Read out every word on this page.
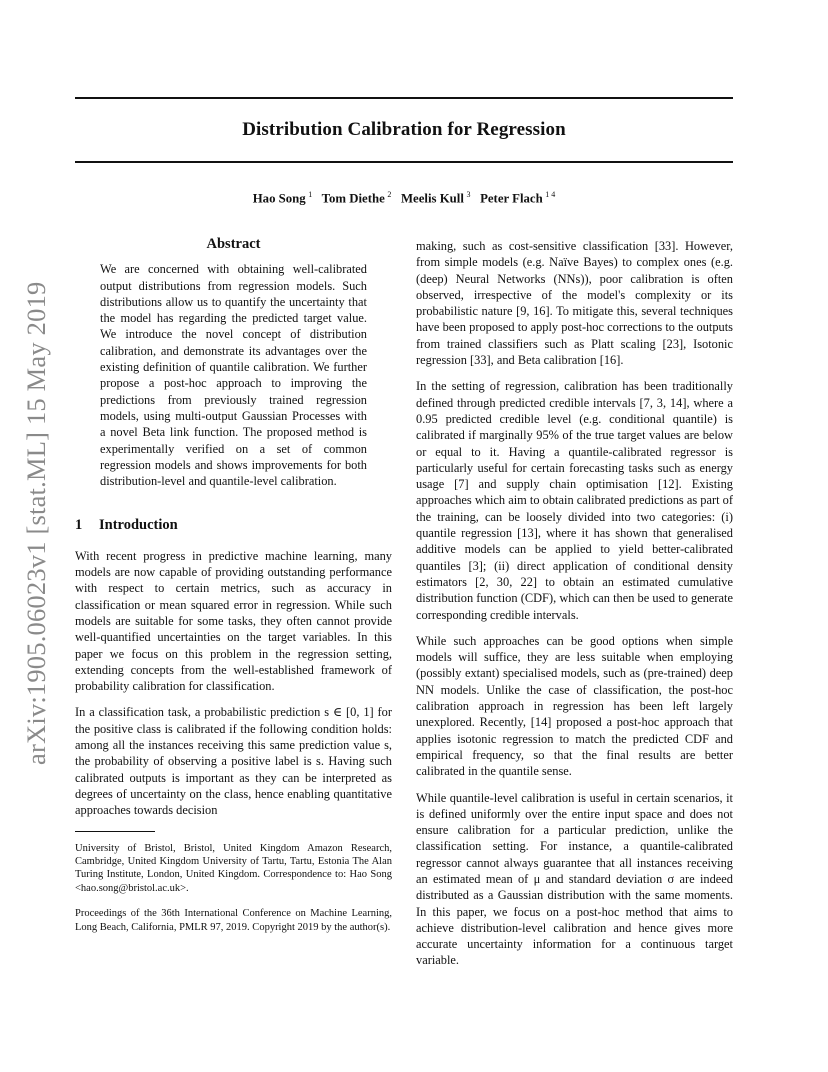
arXiv:1905.06023v1 [stat.ML] 15 May 2019
Distribution Calibration for Regression
Hao Song  $^1$ Tom Diethe  $^2$ Meelis Kull  $^3$ Peter Flach  $^{1 4}$
Abstract

We are concerned with obtaining well-calibrated output distributions from regression models. Such distributions allow us to quantify the uncertainty that the model has regarding the predicted target value. We introduce the novel concept of distribution calibration, and demonstrate its advantages over the existing definition of quantile calibration. We further propose a post-hoc approach to improving the predictions from previously trained regression models, using multi-output Gaussian Processes with a novel Beta link function. The proposed method is experimentally verified on a set of common regression models and shows improvements for both distribution-level and quantile-level calibration.

1 Introduction

With recent progress in predictive machine learning, many models are now capable of providing outstanding performance with respect to certain metrics, such as accuracy in classification or mean squared error in regression. While such models are suitable for some tasks, they often cannot provide well-quantified uncertainties on the target variables. In this paper we focus on this problem in the regression setting, extending concepts from the well-established framework of probability calibration for classification.

In a classification task, a probabilistic prediction s ∈ [0, 1] for the positive class is calibrated if the following condition holds: among all the instances receiving this same prediction value s, the probability of observing a positive label is s. Having such calibrated outputs is important as they can be interpreted as degrees of uncertainty on the class, hence enabling quantitative approaches towards decision

University of Bristol, Bristol, United Kingdom Amazon Research, Cambridge, United Kingdom University of Tartu, Tartu, Estonia The Alan Turing Institute, London, United Kingdom. Correspondence to: Hao Song <hao.song@bristol.ac.uk>.

Proceedings of the 36th International Conference on Machine Learning, Long Beach, California, PMLR 97, 2019. Copyright 2019 by the author(s).

making, such as cost-sensitive classification [33]. However, from simple models (e.g. Naïve Bayes) to complex ones (e.g. (deep) Neural Networks (NNs)), poor calibration is often observed, irrespective of the model's complexity or its probabilistic nature [9, 16]. To mitigate this, several techniques have been proposed to apply post-hoc corrections to the outputs from trained classifiers such as Platt scaling [23], Isotonic regression [33], and Beta calibration [16].

In the setting of regression, calibration has been traditionally defined through predicted credible intervals [7, 3, 14], where a 0.95 predicted credible level (e.g. conditional quantile) is calibrated if marginally 95% of the true target values are below or equal to it. Having a quantile-calibrated regressor is particularly useful for certain forecasting tasks such as energy usage [7] and supply chain optimisation [12]. Existing approaches which aim to obtain calibrated predictions as part of the training, can be loosely divided into two categories: (i) quantile regression [13], where it has shown that generalised additive models can be applied to yield better-calibrated quantiles [3]; (ii) direct application of conditional density estimators [2, 30, 22] to obtain an estimated cumulative distribution function (CDF), which can then be used to generate corresponding credible intervals.

While such approaches can be good options when simple models will suffice, they are less suitable when employing (possibly extant) specialised models, such as (pre-trained) deep NN models. Unlike the case of classification, the post-hoc calibration approach in regression has been left largely unexplored. Recently, [14] proposed a post-hoc approach that applies isotonic regression to match the predicted CDF and empirical frequency, so that the final results are better calibrated in the quantile sense.

While quantile-level calibration is useful in certain scenarios, it is defined uniformly over the entire input space and does not ensure calibration for a particular prediction, unlike the classification setting. For instance, a quantile-calibrated regressor cannot always guarantee that all instances receiving an estimated mean of μ and standard deviation σ are indeed distributed as a Gaussian distribution with the same moments. In this paper, we focus on a post-hoc method that aims to achieve distribution-level calibration and hence gives more accurate uncertainty information for a continuous target variable.
